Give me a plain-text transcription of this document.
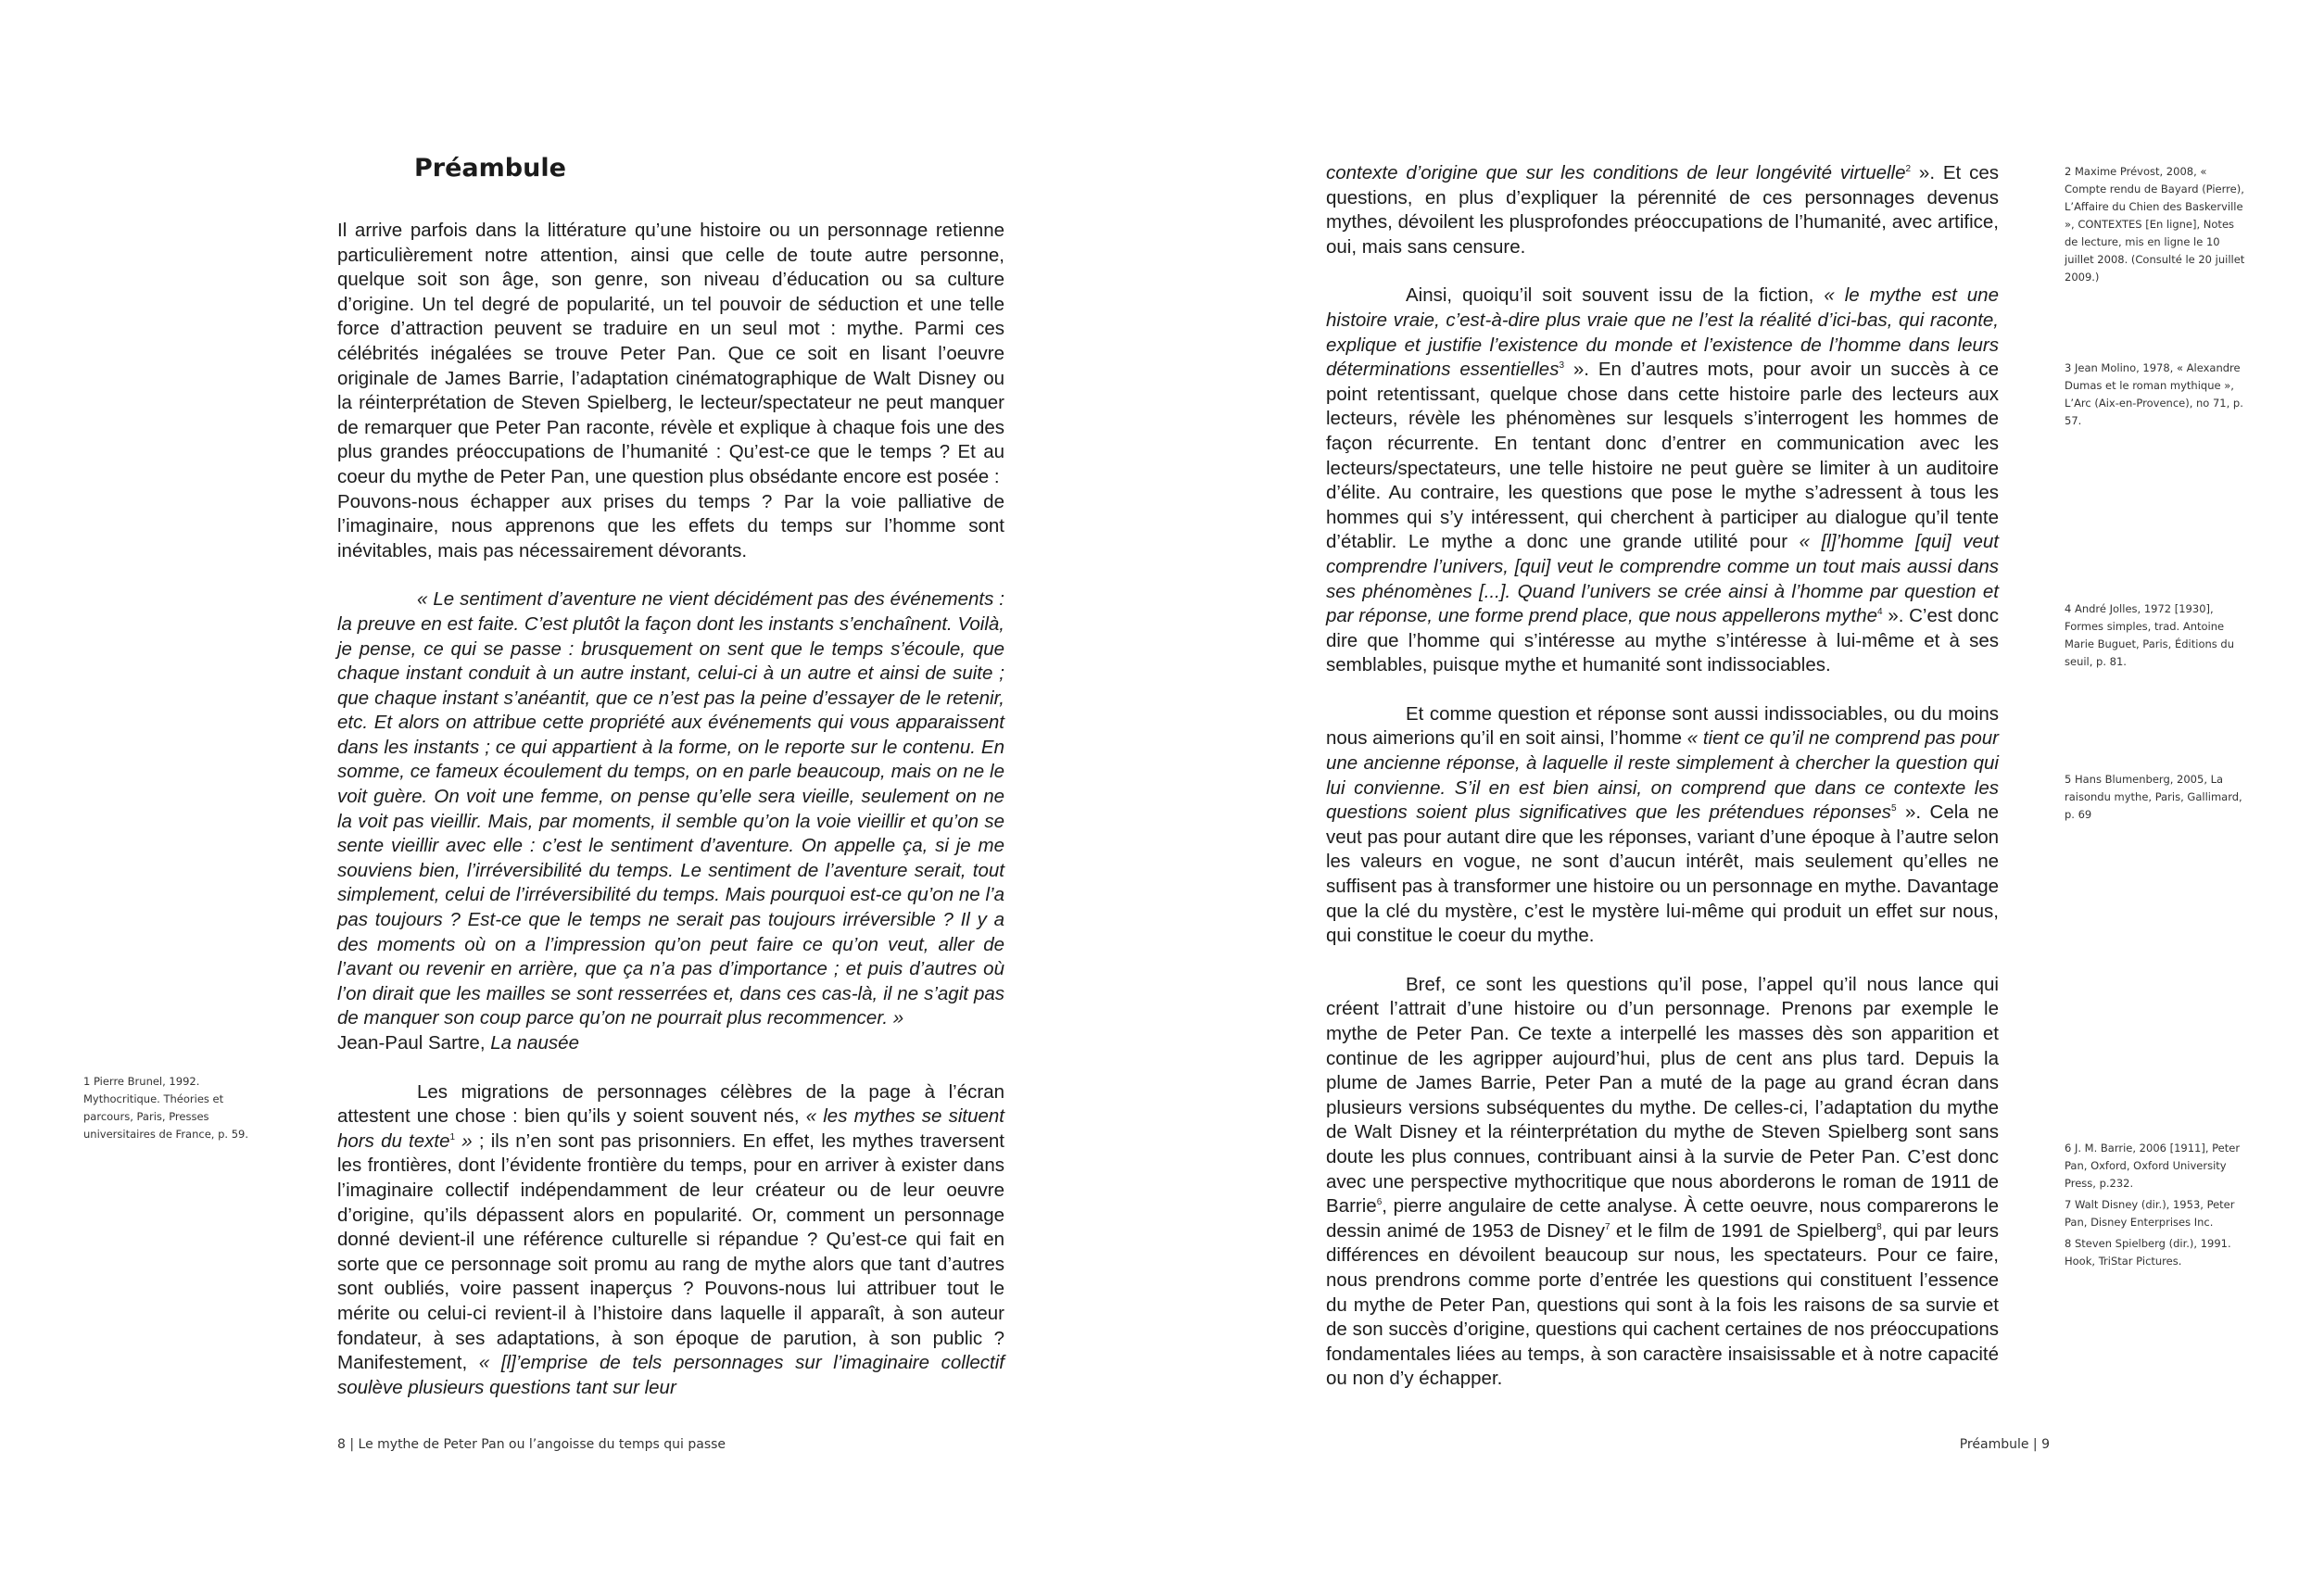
Préambule

Il arrive parfois dans la littérature qu’une histoire ou un personnage retienne particulièrement notre attention, ainsi que celle de toute autre personne, quelque soit son âge, son genre, son niveau d’éducation ou sa culture d’origine. Un tel degré de popularité, un tel pouvoir de séduction et une telle force d’attraction peuvent se traduire en un seul mot : mythe. Parmi ces célébrités inégalées se trouve Peter Pan. Que ce soit en lisant l’oeuvre originale de James Barrie, l’adaptation cinématographique de Walt Disney ou la réinterprétation de Steven Spielberg, le lecteur/spectateur ne peut manquer de remarquer que Peter Pan raconte, révèle et explique à chaque fois une des plus grandes préoccupations de l’humanité : Qu’est-ce que le temps ? Et au coeur du mythe de Peter Pan, une question plus obsédante encore est posée :

Pouvons-nous échapper aux prises du temps ? Par la voie palliative de l’imaginaire, nous apprenons que les effets du temps sur l’homme sont inévitables, mais pas nécessairement dévorants.

« Le sentiment d’aventure ne vient décidément pas des événements : la preuve en est faite. C’est plutôt la façon dont les instants s’enchaînent. Voilà, je pense, ce qui se passe : brusquement on sent que le temps s’écoule, que chaque instant conduit à un autre instant, celui-ci à un autre et ainsi de suite ; que chaque instant s’anéantit, que ce n’est pas la peine d’essayer de le retenir, etc. Et alors on attribue cette propriété aux événements qui vous apparaissent dans les instants ; ce qui appartient à la forme, on le reporte sur le contenu. En somme, ce fameux écoulement du temps, on en parle beaucoup, mais on ne le voit guère. On voit une femme, on pense qu’elle sera vieille, seulement on ne la voit pas vieillir. Mais, par moments, il semble qu’on la voie vieillir et qu’on se sente vieillir avec elle : c’est le sentiment d’aventure. On appelle ça, si je me souviens bien, l’irréversibilité du temps. Le sentiment de l’aventure serait, tout simplement, celui de l’irréversibilité du temps. Mais pourquoi est-ce qu’on ne l’a pas toujours ? Est-ce que le temps ne serait pas toujours irréversible ? Il y a des moments où on a l’impression qu’on peut faire ce qu’on veut, aller de l’avant ou revenir en arrière, que ça n’a pas d’importance ; et puis d’autres où l’on dirait que les mailles se sont resserrées et, dans ces cas-là, il ne s’agit pas de manquer son coup parce qu’on ne pourrait plus recommencer. »

Jean-Paul Sartre, La nausée

Les migrations de personnages célèbres de la page à l’écran attestent une chose : bien qu’ils y soient souvent nés, « les mythes se situent hors du texte$^1$ » ; ils n’en sont pas prisonniers. En effet, les mythes traversent les frontières, dont l’évidente frontière du temps, pour en arriver à exister dans l’imaginaire collectif indépendamment de leur créateur ou de leur oeuvre d’origine, qu’ils dépassent alors en popularité. Or, comment un personnage donné devient-il une référence culturelle si répandue ? Qu’est-ce qui fait en sorte que ce personnage soit promu au rang de mythe alors que tant d’autres sont oubliés, voire passent inaperçus ? Pouvons-nous lui attribuer tout le mérite ou celui-ci revient-il à l’histoire dans laquelle il apparaît, à son auteur fondateur, à ses adaptations, à son époque de parution, à son public ? Manifestement, « [l]’emprise de tels personnages sur l’imaginaire collectif soulève plusieurs questions tant sur leur

1 Pierre Brunel, 1992. Mythocritique. Théories et parcours, Paris, Presses universitaires de France, p. 59.

8 | Le mythe de Peter Pan ou l’angoisse du temps qui passe

contexte d’origine que sur les conditions de leur longévité virtuelle$^2$ ». Et ces questions, en plus d’expliquer la pérennité de ces personnages devenus mythes, dévoilent les plusprofondes préoccupations de l’humanité, avec artifice, oui, mais sans censure.

Ainsi, quoiqu’il soit souvent issu de la fiction, « le mythe est une histoire vraie, c’est-à-dire plus vraie que ne l’est la réalité d’ici-bas, qui raconte, explique et justifie l’existence du monde et l’existence de l’homme dans leurs déterminations essentielles$^3$ ». En d’autres mots, pour avoir un succès à ce point retentissant, quelque chose dans cette histoire parle des lecteurs aux lecteurs, révèle les phénomènes sur lesquels s’interrogent les hommes de façon récurrente. En tentant donc d’entrer en communication avec les lecteurs/spectateurs, une telle histoire ne peut guère se limiter à un auditoire d’élite. Au contraire, les questions que pose le mythe s’adressent à tous les hommes qui s’y intéressent, qui cherchent à participer au dialogue qu’il tente d’établir. Le mythe a donc une grande utilité pour « [l]’homme [qui] veut comprendre l’univers, [qui] veut le comprendre comme un tout mais aussi dans ses phénomènes [...]. Quand l’univers se crée ainsi à l’homme par question et par réponse, une forme prend place, que nous appellerons mythe$^4$ ». C’est donc dire que l’homme qui s’intéresse au mythe s’intéresse à lui-même et à ses semblables, puisque mythe et humanité sont indissociables.

Et comme question et réponse sont aussi indissociables, ou du moins nous aimerions qu’il en soit ainsi, l’homme « tient ce qu’il ne comprend pas pour une ancienne réponse, à laquelle il reste simplement à chercher la question qui lui convienne. S’il en est bien ainsi, on comprend que dans ce contexte les questions soient plus significatives que les prétendues réponses$^5$ ». Cela ne veut pas pour autant dire que les réponses, variant d’une époque à l’autre selon les valeurs en vogue, ne sont d’aucun intérêt, mais seulement qu’elles ne suffisent pas à transformer une histoire ou un personnage en mythe. Davantage que la clé du mystère, c’est le mystère lui-même qui produit un effet sur nous, qui constitue le coeur du mythe.

Bref, ce sont les questions qu’il pose, l’appel qu’il nous lance qui créent l’attrait d’une histoire ou d’un personnage. Prenons par exemple le mythe de Peter Pan. Ce texte a interpellé les masses dès son apparition et continue de les agripper aujourd’hui, plus de cent ans plus tard. Depuis la plume de James Barrie, Peter Pan a muté de la page au grand écran dans plusieurs versions subséquentes du mythe. De celles-ci, l’adaptation du mythe de Walt Disney et la réinterprétation du mythe de Steven Spielberg sont sans doute les plus connues, contribuant ainsi à la survie de Peter Pan. C’est donc avec une perspective mythocritique que nous aborderons le roman de 1911 de Barrie$^6$, pierre angulaire de cette analyse. À cette oeuvre, nous comparerons le dessin animé de 1953 de Disney$^7$ et le film de 1991 de Spielberg$^8$, qui par leurs différences en dévoilent beaucoup sur nous, les spectateurs. Pour ce faire, nous prendrons comme porte d’entrée les questions qui constituent l’essence du mythe de Peter Pan, questions qui sont à la fois les raisons de sa survie et de son succès d’origine, questions qui cachent certaines de nos préoccupations fondamentales liées au temps, à son caractère insaisissable et à notre capacité ou non d’y échapper.

2 Maxime Prévost, 2008, « Compte rendu de Bayard (Pierre), L’Affaire du Chien des Baskerville », CONTEXTES [En ligne], Notes de lecture, mis en ligne le 10 juillet 2008. (Consulté le 20 juillet 2009.)

3 Jean Molino, 1978, « Alexandre Dumas et le roman mythique », L’Arc (Aix-en-Provence), no 71, p. 57.

4 André Jolles, 1972 [1930], Formes simples, trad. Antoine Marie Buguet, Paris, Éditions du seuil, p. 81.

5 Hans Blumenberg, 2005, La raisondu mythe, Paris, Gallimard, p. 69

6 J. M. Barrie, 2006 [1911], Peter Pan, Oxford, Oxford University Press, p.232.

7 Walt Disney (dir.), 1953, Peter Pan, Disney Enterprises Inc.

8 Steven Spielberg (dir.), 1991. Hook, TriStar Pictures.

Préambule | 9
